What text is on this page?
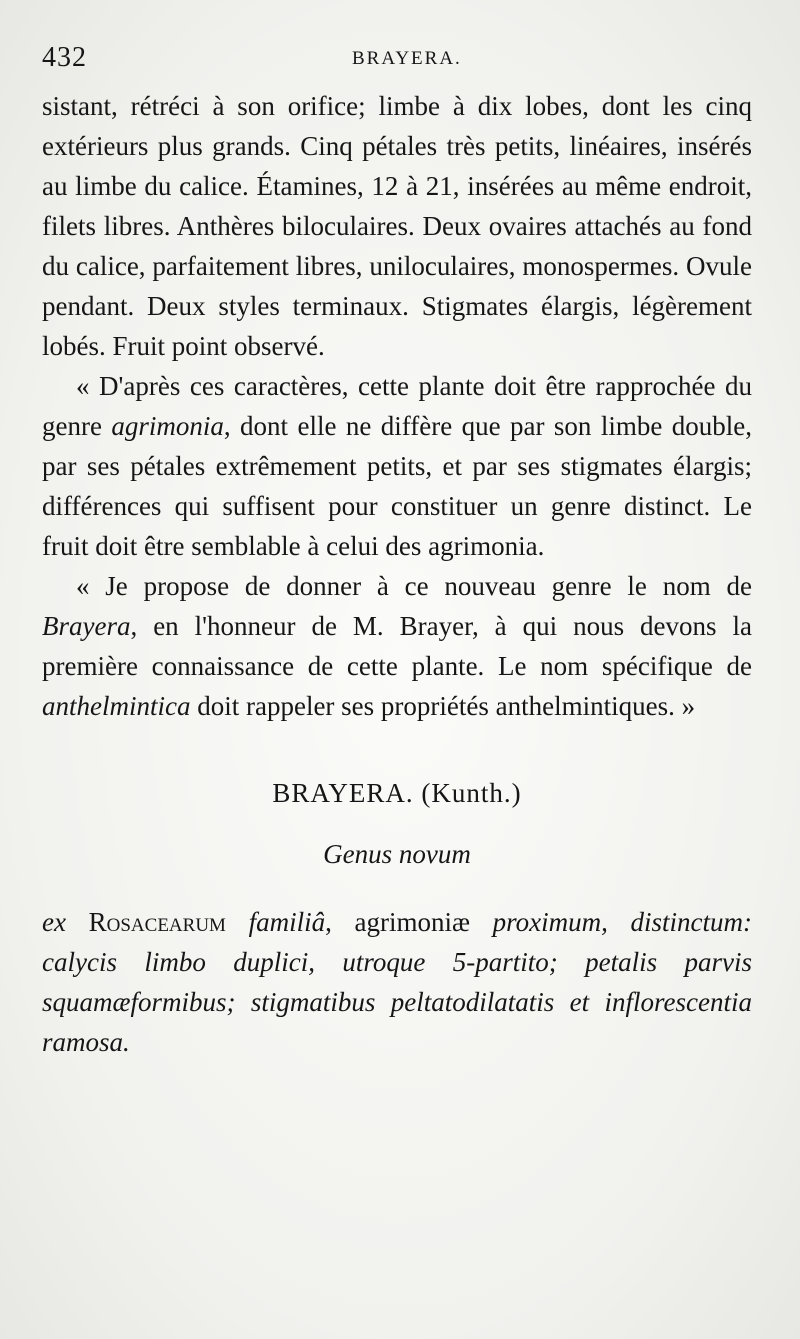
432	BRAYERA.

sistant, rétréci à son orifice; limbe à dix lobes, dont les cinq extérieurs plus grands. Cinq pétales très petits, linéaires, insérés au limbe du calice. Étamines, 12 à 21, insérées au même endroit, filets libres. Anthères biloculaires. Deux ovaires attachés au fond du calice, parfaitement libres, uniloculaires, monospermes. Ovule pendant. Deux styles terminaux. Stigmates élargis, légèrement lobés. Fruit point observé.

« D'après ces caractères, cette plante doit être rapprochée du genre agrimonia, dont elle ne diffère que par son limbe double, par ses pétales extrêmement petits, et par ses stigmates élargis; différences qui suffisent pour constituer un genre distinct. Le fruit doit être semblable à celui des agrimonia.

« Je propose de donner à ce nouveau genre le nom de Brayera, en l'honneur de M. Brayer, à qui nous devons la première connaissance de cette plante. Le nom spécifique de anthelmintica doit rappeler ses propriétés anthelmintiques. »

BRAYERA. (Kunth.)
Genus novum

ex Rosacearum familiâ, agrimoniæ proximum, distinctum: calycis limbo duplici, utroque 5-partito; petalis parvis squamæformibus; stigmatibus peltatodilatatis et inflorescentia ramosa.
